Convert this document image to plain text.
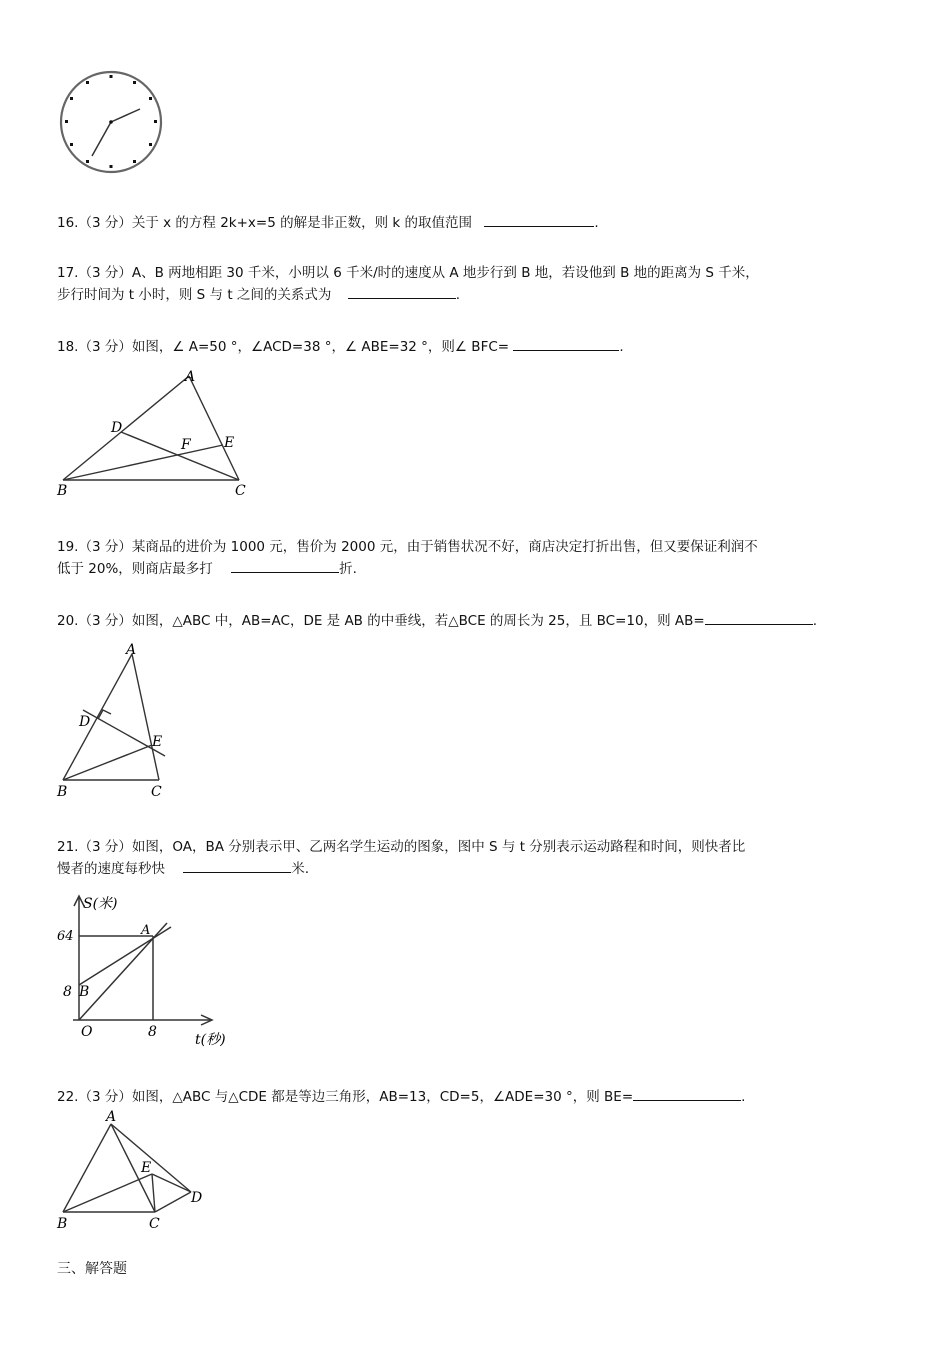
16.（3 分）关于 x 的方程 2k+x=5 的解是非正数，则 k 的取值范围	.
17.（3 分）A、B 两地相距 30 千米，小明以 6 千米/时的速度从 A 地步行到 B 地，若设他到 B 地的距离为 S 千米，
步行时间为 t 小时，则 S 与 t 之间的关系式为	.
18.（3 分）如图，∠ A=50 °，∠ACD=38 °，∠ ABE=32 °，则∠ BFC=	.
A
D
F E
B	C
19.（3 分）某商品的进价为 1000 元，售价为 2000 元，由于销售状况不好，商店决定打折出售，但又要保证利润不
低于 20%，则商店最多打	折.
20.（3 分）如图，△ABC 中，AB=AC，DE 是 AB 的中垂线，若△BCE 的周长为 25，且 BC=10，则 AB=	.
A
D
E
B	C
21.（3 分）如图，OA，BA 分别表示甲、乙两名学生运动的图象，图中 S 与 t 分别表示运动路程和时间，则快者比
慢者的速度每秒快	米.
S(米)
64
8 B
A
O	8	t(秒)
22.（3 分）如图，△ABC 与△CDE 都是等边三角形，AB=13，CD=5，∠ADE=30 °，则 BE=	.
A
E
D
B	C
三、解答题
